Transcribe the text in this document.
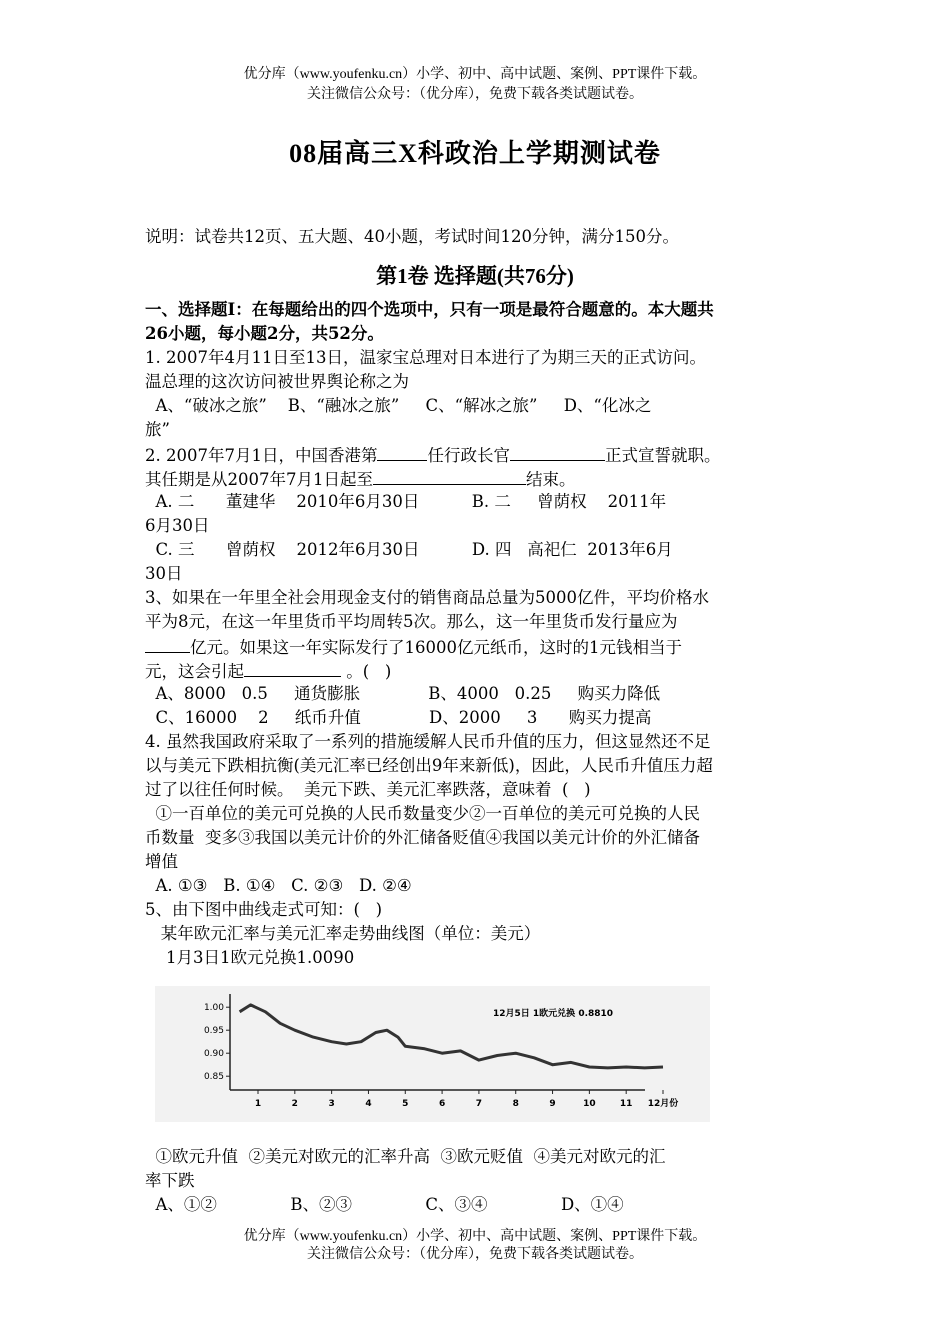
优分库（www.youfenku.cn）小学、初中、高中试题、案例、PPT课件下载。
关注微信公众号：（优分库），免费下载各类试题试卷。
08届高三X科政治上学期测试卷
说明：试卷共12页、五大题、40小题，考试时间120分钟，满分150分。
第1卷 选择题(共76分)
一、选择题I：在每题给出的四个选项中，只有一项是最符合题意的。本大题共
26小题，每小题2分，共52分。
1. 2007年4月11日至13日，温家宝总理对日本进行了为期三天的正式访问。
温总理的这次访问被世界舆论称之为
A、“破冰之旅”    B、“融冰之旅”     C、“解冰之旅”     D、“化冰之
旅”
2. 2007年7月1日，中国香港第	任行政长官	正式宣誓就职。
其任期是从2007年7月1日起至	结束。
A. 二      董建华    2010年6月30日          B. 二     曾荫权    2011年
6月30日
C. 三      曾荫权    2012年6月30日          D. 四   高祀仁  2013年6月
30日
3、如果在一年里全社会用现金支付的销售商品总量为5000亿件，平均价格水
平为8元，在这一年里货币平均周转5次。那么，这一年里货币发行量应为
亿元。如果这一年实际发行了16000亿元纸币，这时的1元钱相当于
元，这会引起	。(   )
A、8000   0.5     通货膨胀             B、4000   0.25     购买力降低
C、16000    2     纸币升值             D、2000     3      购买力提高
4. 虽然我国政府采取了一系列的措施缓解人民币升值的压力，但这显然还不足
以与美元下跌相抗衡(美元汇率已经创出9年来新低)，因此，人民币升值压力超
过了以往任何时候。  美元下跌、美元汇率跌落，意味着  (   )
①一百单位的美元可兑换的人民币数量变少②一百单位的美元可兑换的人民
币数量  变多③我国以美元计价的外汇储备贬值④我国以美元计价的外汇储备
增值
A. ①③   B. ①④   C. ②③   D. ②④
5、由下图中曲线走式可知：(   )
某年欧元汇率与美元汇率走势曲线图（单位：美元）
1月3日1欧元兑换1.0090
1.00
0.95
0.90
0.85
1	2	3	4	5	6	7	8	9	10	11 12月份
12月5日 1欧元兑换 0.8810
①欧元升值  ②美元对欧元的汇率升高  ③欧元贬值  ④美元对欧元的汇
率下跌
A、①②              B、②③              C、③④              D、①④
优分库（www.youfenku.cn）小学、初中、高中试题、案例、PPT课件下载。
关注微信公众号：（优分库），免费下载各类试题试卷。
